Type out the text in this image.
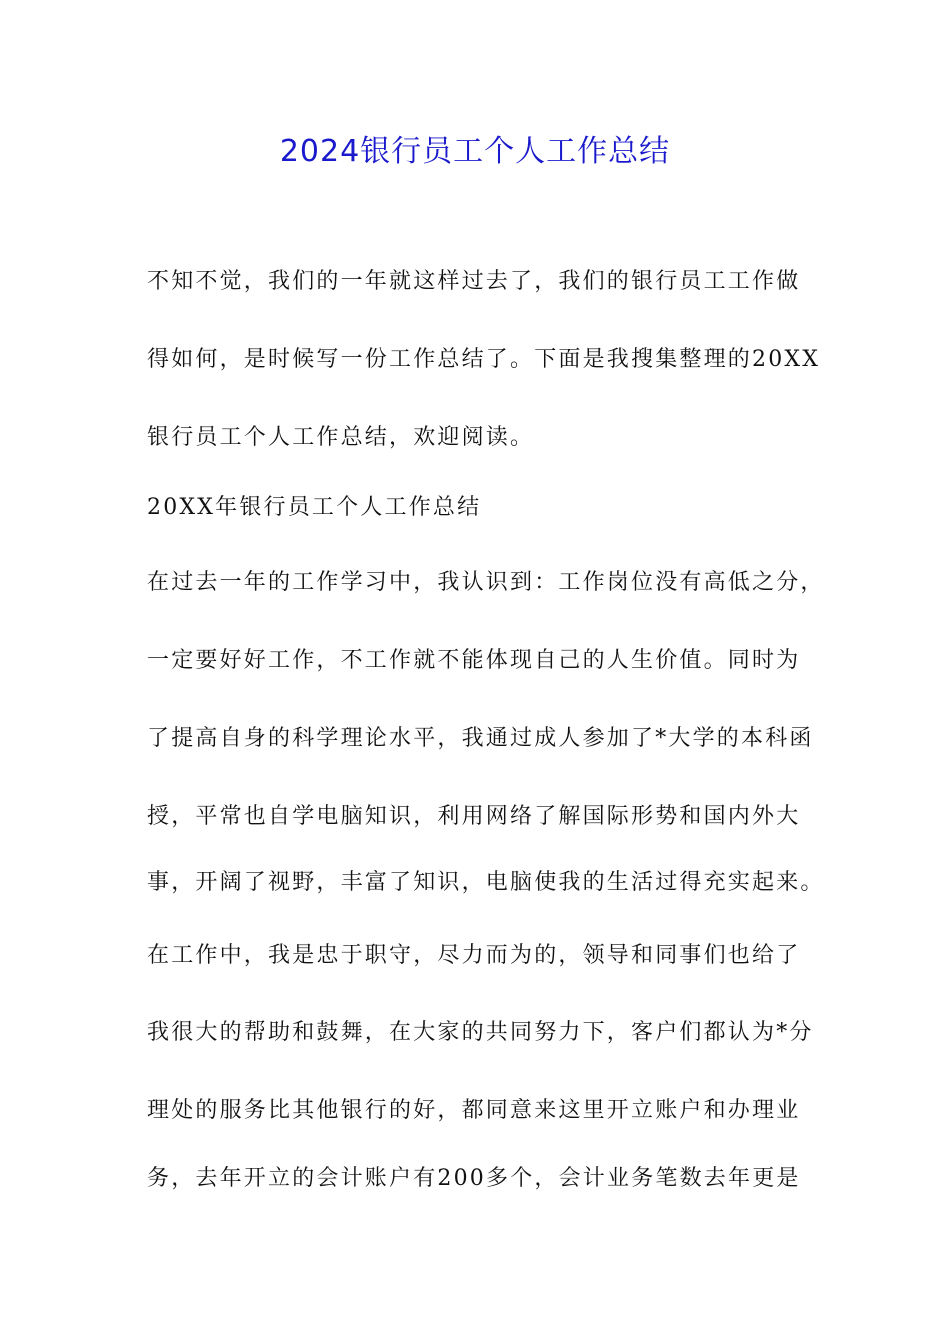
2024银行员工个人工作总结
不知不觉，我们的一年就这样过去了，我们的银行员工工作做
得如何，是时候写一份工作总结了。下面是我搜集整理的20XX
银行员工个人工作总结，欢迎阅读。
20XX年银行员工个人工作总结
在过去一年的工作学习中，我认识到：工作岗位没有高低之分，
一定要好好工作，不工作就不能体现自己的人生价值。同时为
了提高自身的科学理论水平，我通过成人参加了*大学的本科函
授，平常也自学电脑知识，利用网络了解国际形势和国内外大
事，开阔了视野，丰富了知识，电脑使我的生活过得充实起来。
在工作中，我是忠于职守，尽力而为的，领导和同事们也给了
我很大的帮助和鼓舞，在大家的共同努力下，客户们都认为*分
理处的服务比其他银行的好，都同意来这里开立账户和办理业
务，去年开立的会计账户有200多个，会计业务笔数去年更是
